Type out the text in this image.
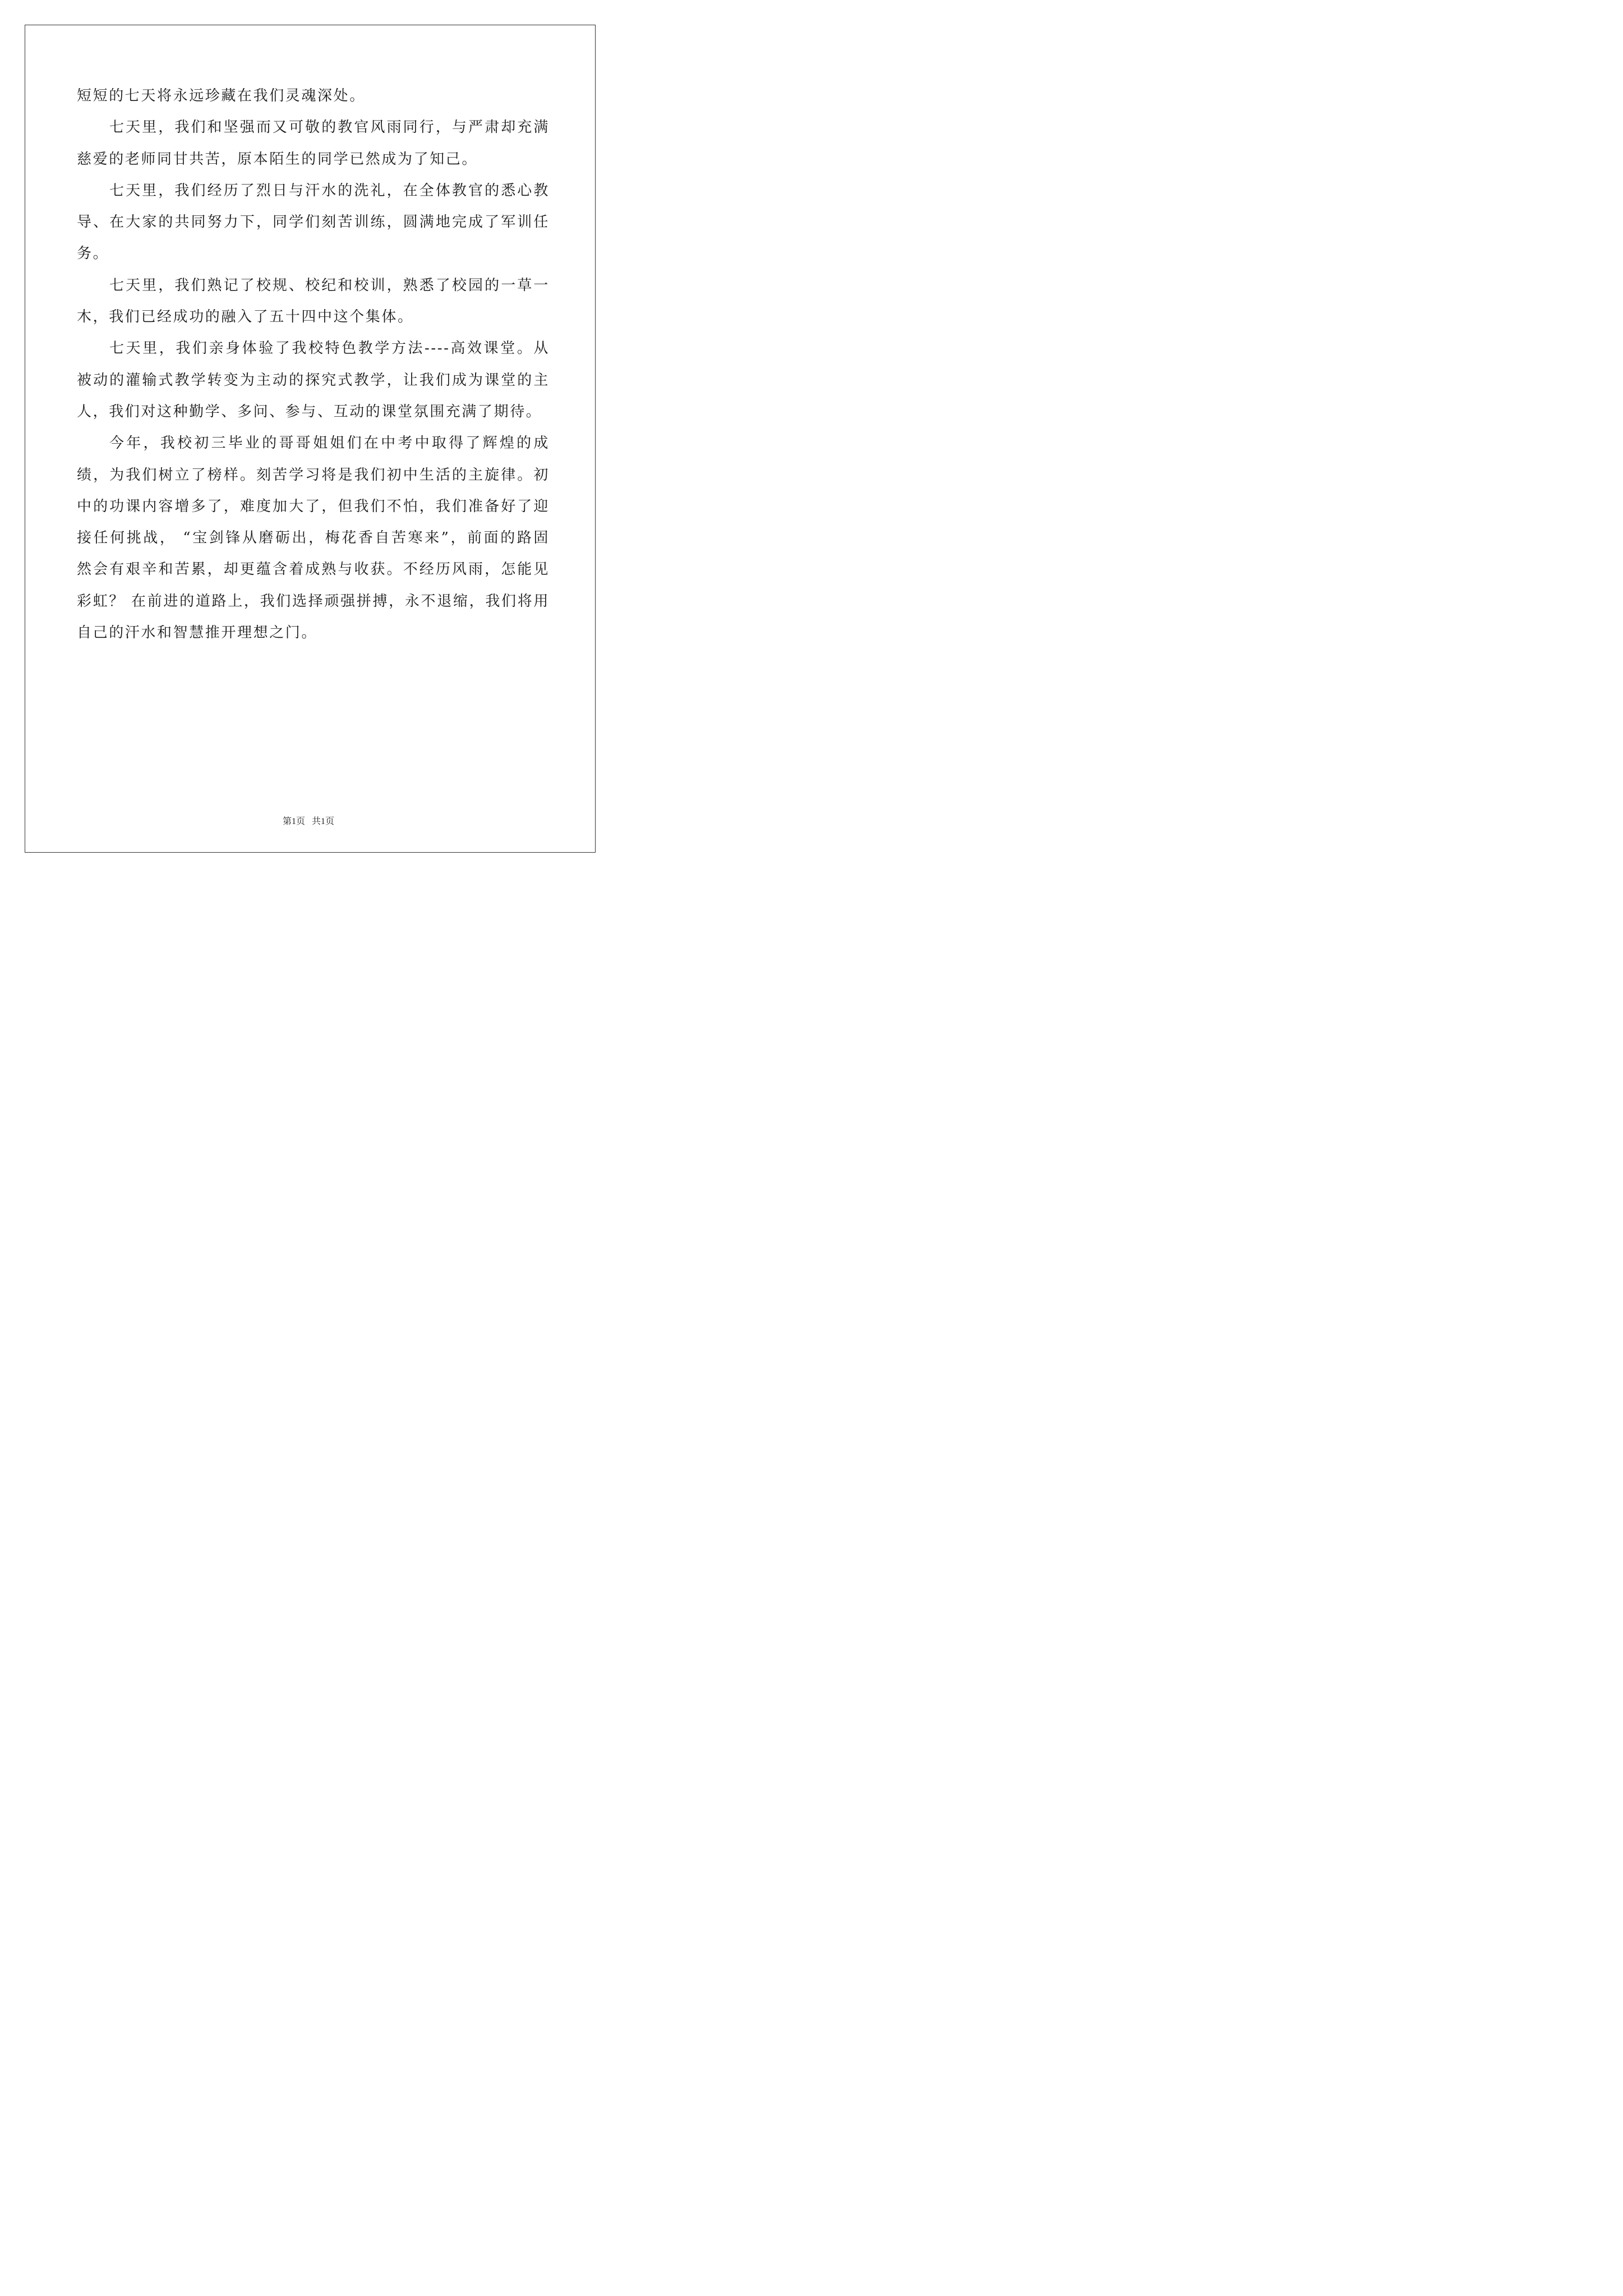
短短的七天将永远珍藏在我们灵魂深处。

七天里，我们和坚强而又可敬的教官风雨同行，与严肃却充满慈爱的老师同甘共苦，原本陌生的同学已然成为了知己。

七天里，我们经历了烈日与汗水的洗礼，在全体教官的悉心教导、在大家的共同努力下，同学们刻苦训练，圆满地完成了军训任务。

七天里，我们熟记了校规、校纪和校训，熟悉了校园的一草一木，我们已经成功的融入了五十四中这个集体。

七天里，我们亲身体验了我校特色教学方法----高效课堂。从被动的灌输式教学转变为主动的探究式教学，让我们成为课堂的主人，我们对这种勤学、多问、参与、互动的课堂氛围充满了期待。

今年，我校初三毕业的哥哥姐姐们在中考中取得了辉煌的成绩，为我们树立了榜样。刻苦学习将是我们初中生活的主旋律。初中的功课内容增多了，难度加大了，但我们不怕，我们准备好了迎接任何挑战， “宝剑锋从磨砺出，梅花香自苦寒来”，前面的路固然会有艰辛和苦累，却更蕴含着成熟与收获。不经历风雨，怎能见彩虹？ 在前进的道路上，我们选择顽强拼搏，永不退缩，我们将用自己的汗水和智慧推开理想之门。

第1页   共1页
